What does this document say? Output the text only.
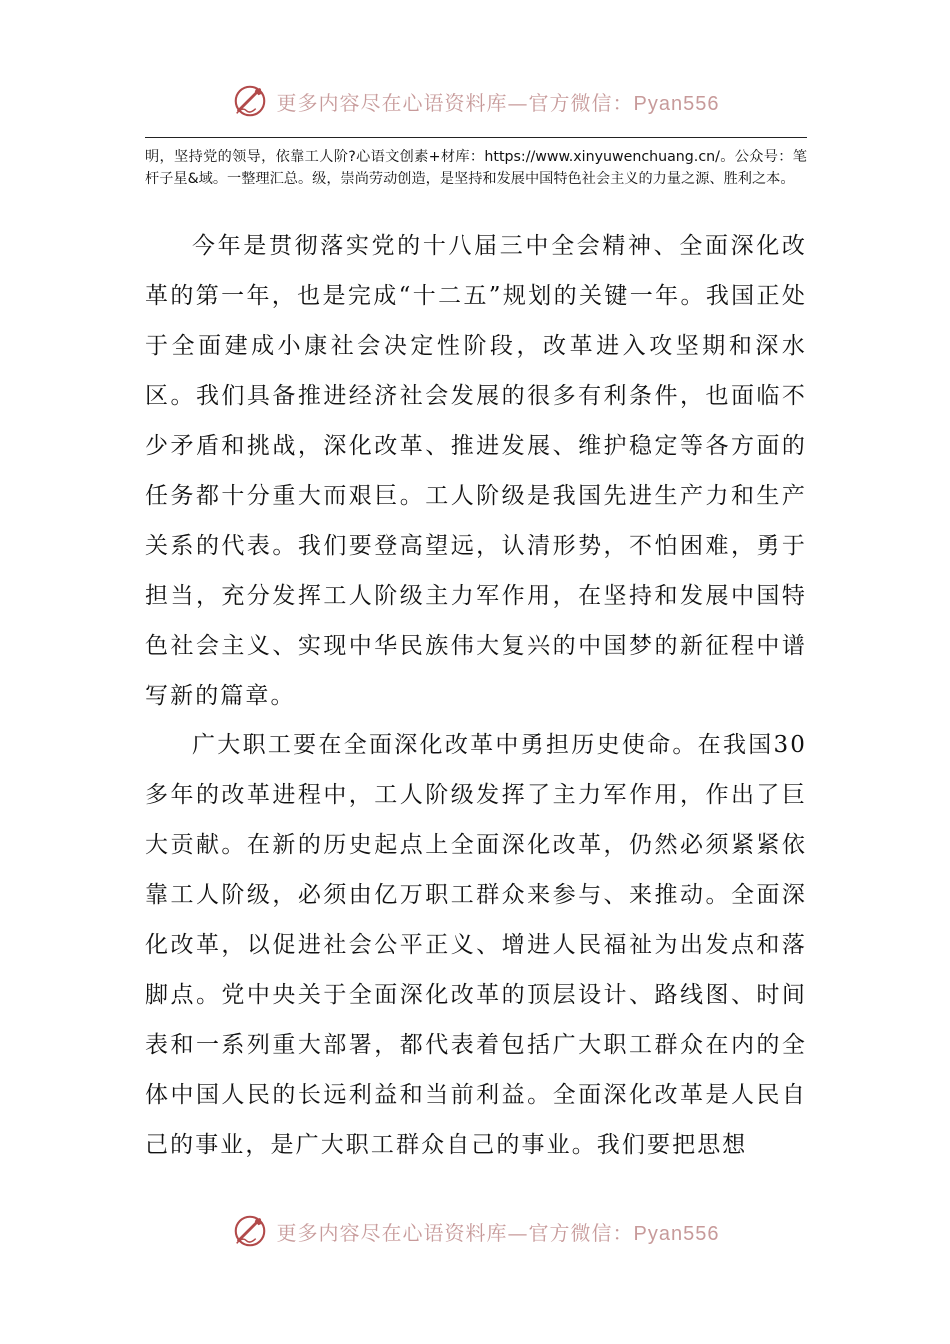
更多内容尽在心语资料库—官方微信：Pyan556

明，坚持党的领导，依靠工人阶?心语文创素+材库：https://www.xinyuwenchuang.cn/。公众号：笔杆子星&域。一整理汇总。级，崇尚劳动创造，是坚持和发展中国特色社会主义的力量之源、胜利之本。

今年是贯彻落实党的十八届三中全会精神、全面深化改革的第一年，也是完成“十二五”规划的关键一年。我国正处于全面建成小康社会决定性阶段，改革进入攻坚期和深水区。我们具备推进经济社会发展的很多有利条件，也面临不少矛盾和挑战，深化改革、推进发展、维护稳定等各方面的任务都十分重大而艰巨。工人阶级是我国先进生产力和生产关系的代表。我们要登高望远，认清形势，不怕困难，勇于担当，充分发挥工人阶级主力军作用，在坚持和发展中国特色社会主义、实现中华民族伟大复兴的中国梦的新征程中谱写新的篇章。

广大职工要在全面深化改革中勇担历史使命。在我国30多年的改革进程中，工人阶级发挥了主力军作用，作出了巨大贡献。在新的历史起点上全面深化改革，仍然必须紧紧依靠工人阶级，必须由亿万职工群众来参与、来推动。全面深化改革，以促进社会公平正义、增进人民福祉为出发点和落脚点。党中央关于全面深化改革的顶层设计、路线图、时间表和一系列重大部署，都代表着包括广大职工群众在内的全体中国人民的长远利益和当前利益。全面深化改革是人民自己的事业，是广大职工群众自己的事业。我们要把思想

更多内容尽在心语资料库—官方微信：Pyan556
